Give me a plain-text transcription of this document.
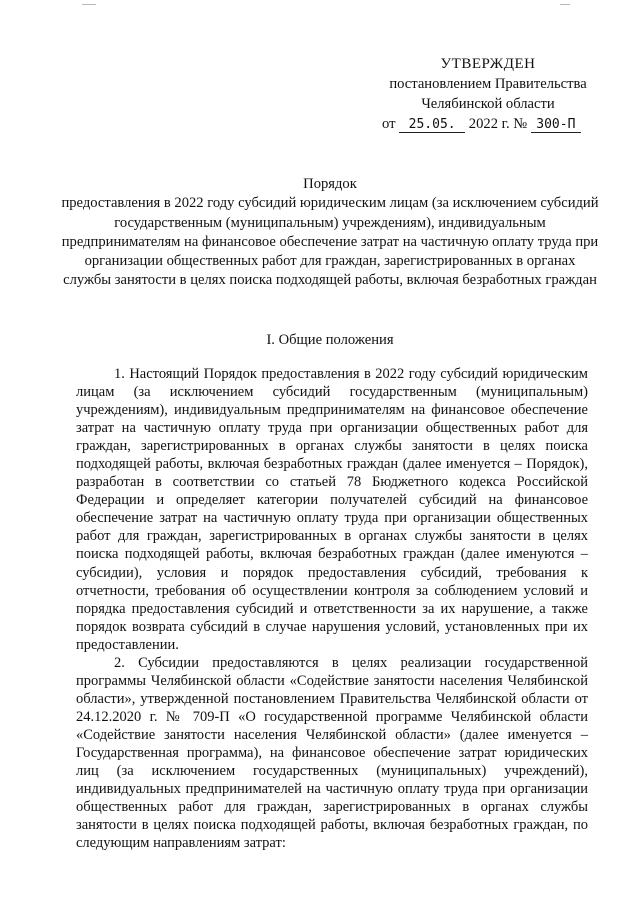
УТВЕРЖДЕН
постановлением Правительства
Челябинской области
от 25.05. 2022 г. № 300-П
Порядок
предоставления в 2022 году субсидий юридическим лицам (за исключением субсидий государственным (муниципальным) учреждениям), индивидуальным предпринимателям на финансовое обеспечение затрат на частичную оплату труда при организации общественных работ для граждан, зарегистрированных в органах службы занятости в целях поиска подходящей работы, включая безработных граждан
I. Общие положения

1. Настоящий Порядок предоставления в 2022 году субсидий юридическим лицам (за исключением субсидий государственным (муниципальным) учреждениям), индивидуальным предпринимателям на финансовое обеспечение затрат на частичную оплату труда при организации общественных работ для граждан, зарегистрированных в органах службы занятости в целях поиска подходящей работы, включая безработных граждан (далее именуется – Порядок), разработан в соответствии со статьей 78 Бюджетного кодекса Российской Федерации и определяет категории получателей субсидий на финансовое обеспечение затрат на частичную оплату труда при организации общественных работ для граждан, зарегистрированных в органах службы занятости в целях поиска подходящей работы, включая безработных граждан (далее именуются – субсидии), условия и порядок предоставления субсидий, требования к отчетности, требования об осуществлении контроля за соблюдением условий и порядка предоставления субсидий и ответственности за их нарушение, а также порядок возврата субсидий в случае нарушения условий, установленных при их предоставлении.

2. Субсидии предоставляются в целях реализации государственной программы Челябинской области «Содействие занятости населения Челябинской области», утвержденной постановлением Правительства Челябинской области от 24.12.2020 г. № 709-П «О государственной программе Челябинской области «Содействие занятости населения Челябинской области» (далее именуется – Государственная программа), на финансовое обеспечение затрат юридических лиц (за исключением государственных (муниципальных) учреждений), индивидуальных предпринимателей на частичную оплату труда при организации общественных работ для граждан, зарегистрированных в органах службы занятости в целях поиска подходящей работы, включая безработных граждан, по следующим направлениям затрат:
